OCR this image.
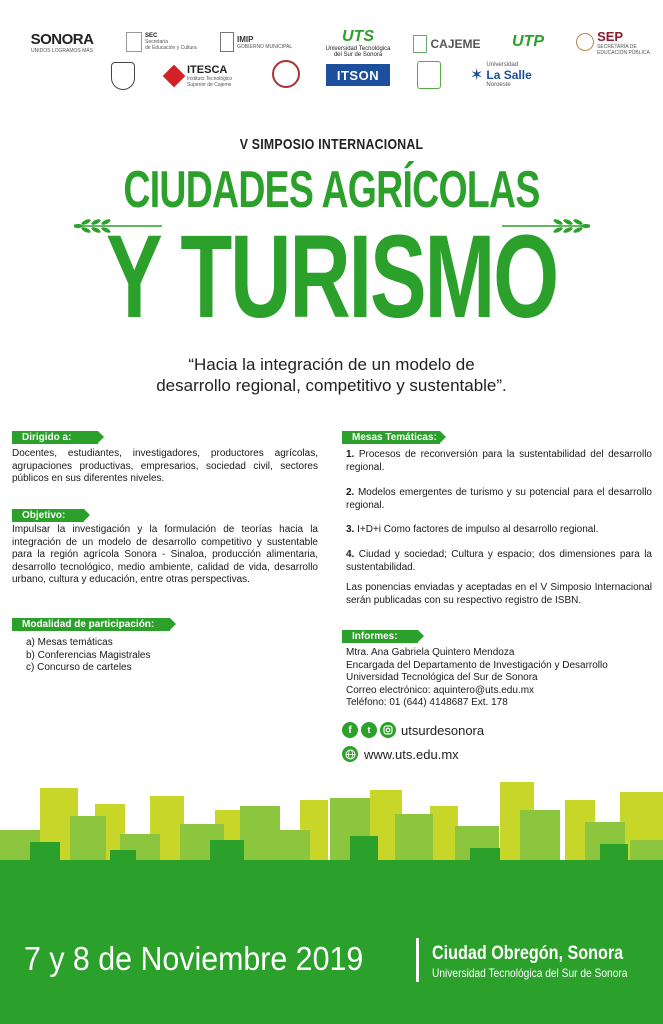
SONORA
UNIDOS LOGRAMOS MÁS
SEC
Secretaría
de Educación y Cultura
IMIP
GOBIERNO MUNICIPAL
UTS
Universidad Tecnológica
del Sur de Sonora
CAJEME UTP	SEP
SECRETARÍA DE
EDUCACIÓN PÚBLICA
ITESCA
Instituto Tecnológico
Superior de Cajeme
ITSON	✶
Universidad
La Salle
Noroeste
V SIMPOSIO INTERNACIONAL
CIUDADES AGRÍCOLAS
Y TURISMO
“Hacia la integración de un modelo de
desarrollo regional, competitivo y sustentable”.
Dirigido a:
Docentes, estudiantes, investigadores, productores agrícolas, agrupaciones productivas, empresarios, sociedad civil, sectores públicos en sus diferentes niveles.
Objetivo:
Impulsar la investigación y la formulación de teorías hacia la integración de un modelo de desarrollo competitivo y sustentable para la región agrícola Sonora - Sinaloa, producción alimentaria, desarrollo tecnológico, medio ambiente, calidad de vida, desarrollo urbano, cultura y educación, entre otras perspectivas.
Modalidad de participación:
a) Mesas temáticas
b) Conferencias Magistrales
c) Concurso de carteles
Mesas Temáticas:
1. Procesos de reconversión para la sustentabilidad del desarrollo regional.
2. Modelos emergentes de turismo y su potencial para el desarrollo regional.
3. I+D+i Como factores de impulso al desarrollo regional.
4. Ciudad y sociedad; Cultura y espacio; dos dimensiones para la sustentabilidad.
Las ponencias enviadas y aceptadas en el V Simposio Internacional serán publicadas con su respectivo registro de ISBN.
Informes:
Mtra. Ana Gabriela Quintero Mendoza
Encargada del Departamento de Investigación y Desarrollo
Universidad Tecnológica del Sur de Sonora
Correo electrónico: aquintero@uts.edu.mx
Teléfono: 01 (644) 4148687 Ext. 178
f	t	utsurdesonora
www.uts.edu.mx
7 y 8 de Noviembre 2019	Ciudad Obregón, Sonora
Universidad Tecnológica del Sur de Sonora
